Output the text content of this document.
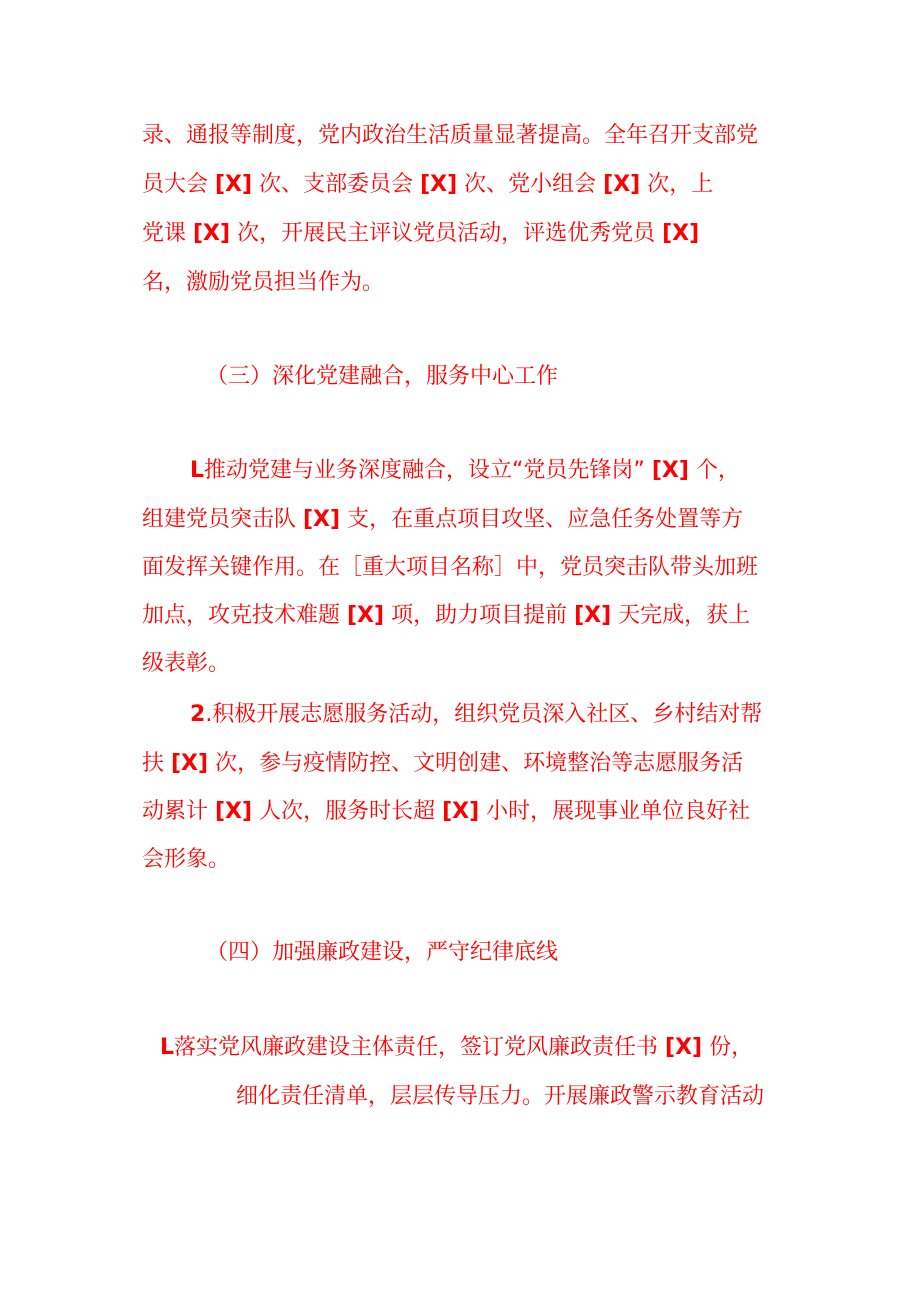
录、通报等制度，党内政治生活质量显著提高。全年召开支部党
员大会 [X] 次、支部委员会 [X] 次、党小组会 [X] 次，上
党课 [X] 次，开展民主评议党员活动，评选优秀党员 [X]
名，激励党员担当作为。
（三）深化党建融合，服务中心工作
L推动党建与业务深度融合，设立“党员先锋岗” [X] 个，
组建党员突击队 [X] 支，在重点项目攻坚、应急任务处置等方
面发挥关键作用。在［重大项目名称］中，党员突击队带头加班
加点，攻克技术难题 [X] 项，助力项目提前 [X] 天完成，获上
级表彰。
2.积极开展志愿服务活动，组织党员深入社区、乡村结对帮
扶 [X] 次，参与疫情防控、文明创建、环境整治等志愿服务活
动累计 [X] 人次，服务时长超 [X] 小时，展现事业单位良好社
会形象。
（四）加强廉政建设，严守纪律底线
L落实党风廉政建设主体责任，签订党风廉政责任书 [X] 份，
细化责任清单，层层传导压力。开展廉政警示教育活动
